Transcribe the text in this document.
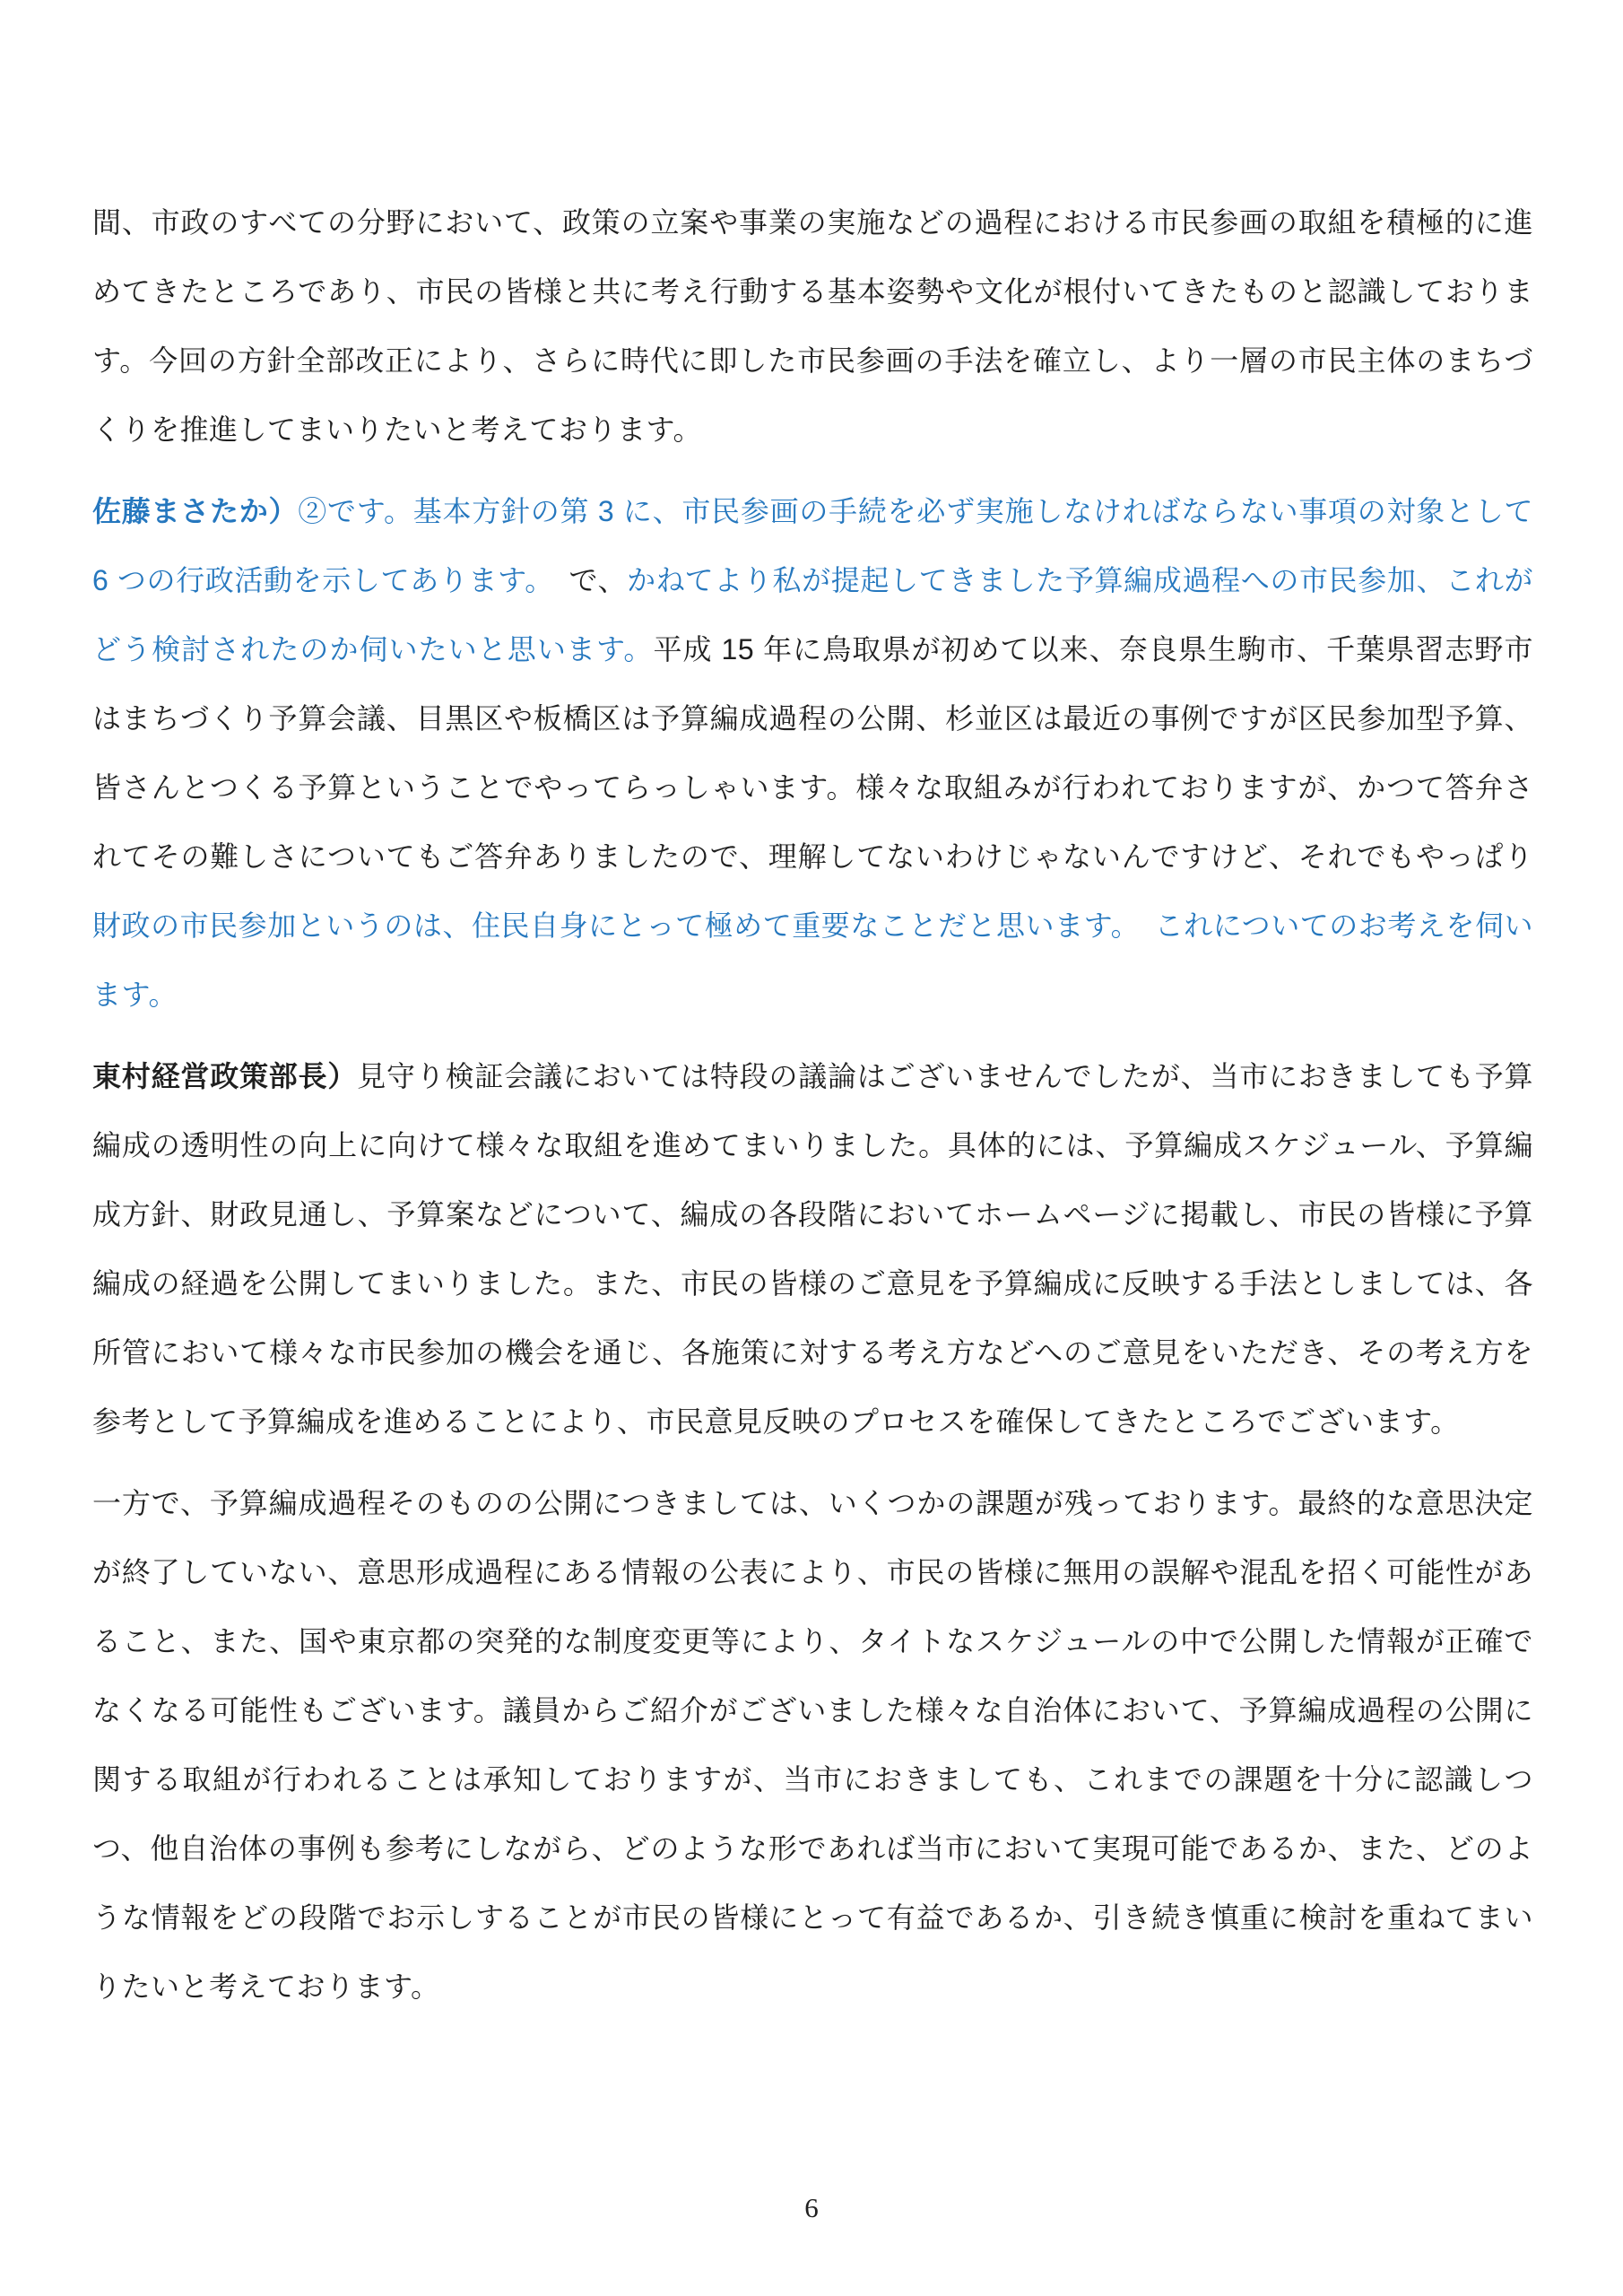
間、市政のすべての分野において、政策の立案や事業の実施などの過程における市民参画の取組を積極的に進めてきたところであり、市民の皆様と共に考え行動する基本姿勢や文化が根付いてきたものと認識しております。今回の方針全部改正により、さらに時代に即した市民参画の手法を確立し、より一層の市民主体のまちづくりを推進してまいりたいと考えております。

佐藤まさたか）②です。基本方針の第 3 に、市民参画の手続を必ず実施しなければならない事項の対象として 6 つの行政活動を示してあります。　で、かねてより私が提起してきました予算編成過程への市民参加、これがどう検討されたのか伺いたいと思います。平成 15 年に鳥取県が初めて以来、奈良県生駒市、千葉県習志野市はまちづくり予算会議、目黒区や板橋区は予算編成過程の公開、杉並区は最近の事例ですが区民参加型予算、皆さんとつくる予算ということでやってらっしゃいます。様々な取組みが行われておりますが、かつて答弁されてその難しさについてもご答弁ありましたので、理解してないわけじゃないんですけど、それでもやっぱり財政の市民参加というのは、住民自身にとって極めて重要なことだと思います。　これについてのお考えを伺います。

東村経営政策部長）見守り検証会議においては特段の議論はございませんでしたが、当市におきましても予算編成の透明性の向上に向けて様々な取組を進めてまいりました。具体的には、予算編成スケジュール、予算編成方針、財政見通し、予算案などについて、編成の各段階においてホームページに掲載し、市民の皆様に予算編成の経過を公開してまいりました。また、市民の皆様のご意見を予算編成に反映する手法としましては、各所管において様々な市民参加の機会を通じ、各施策に対する考え方などへのご意見をいただき、その考え方を参考として予算編成を進めることにより、市民意見反映のプロセスを確保してきたところでございます。

一方で、予算編成過程そのものの公開につきましては、いくつかの課題が残っております。最終的な意思決定が終了していない、意思形成過程にある情報の公表により、市民の皆様に無用の誤解や混乱を招く可能性があること、また、国や東京都の突発的な制度変更等により、タイトなスケジュールの中で公開した情報が正確でなくなる可能性もございます。議員からご紹介がございました様々な自治体において、予算編成過程の公開に関する取組が行われることは承知しておりますが、当市におきましても、これまでの課題を十分に認識しつつ、他自治体の事例も参考にしながら、どのような形であれば当市において実現可能であるか、また、どのような情報をどの段階でお示しすることが市民の皆様にとって有益であるか、引き続き慎重に検討を重ねてまいりたいと考えております。

6
